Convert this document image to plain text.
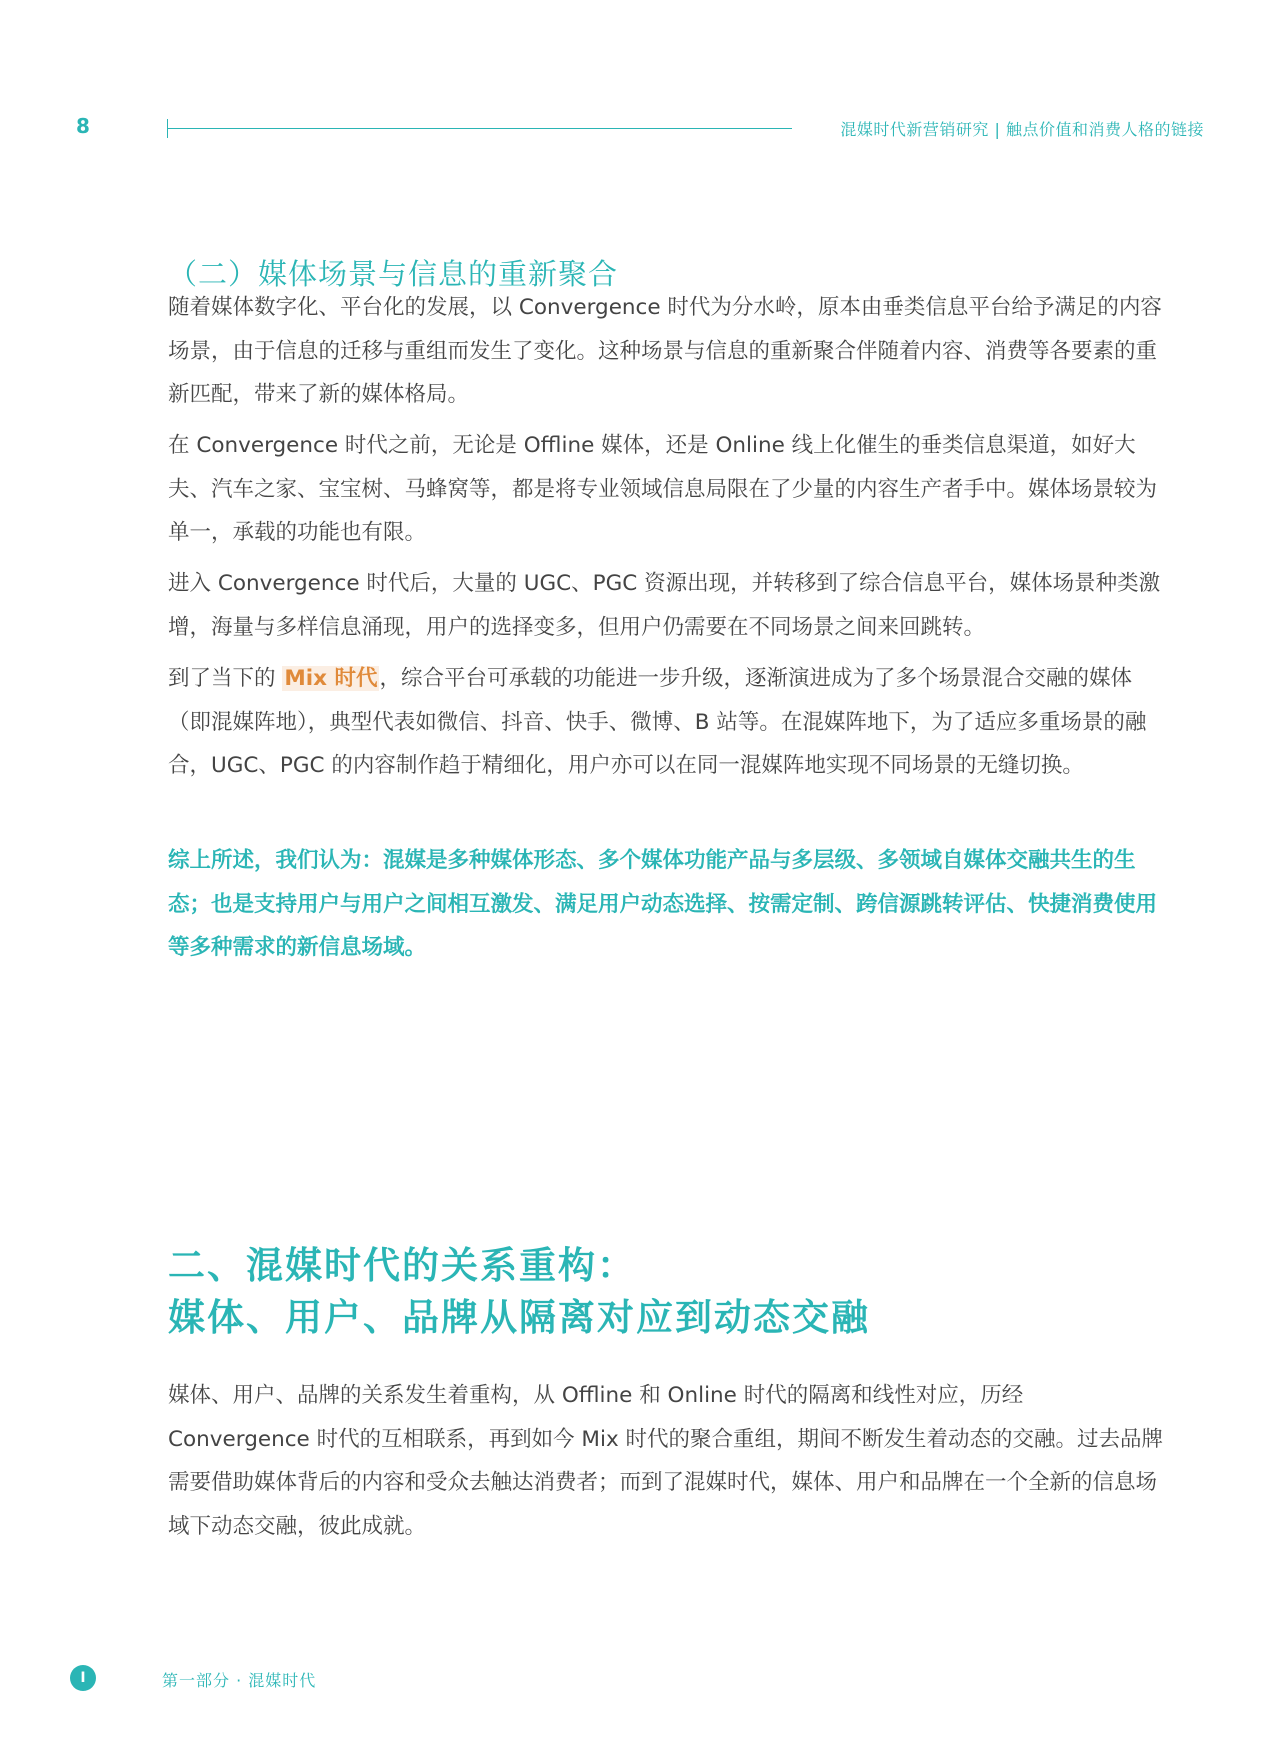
8	混媒时代新营销研究 | 触点价值和消费人格的链接
（二）媒体场景与信息的重新聚合

随着媒体数字化、平台化的发展，以 Convergence 时代为分水岭，原本由垂类信息平台给予满足的内容场景，由于信息的迁移与重组而发生了变化。这种场景与信息的重新聚合伴随着内容、消费等各要素的重新匹配，带来了新的媒体格局。

在 Convergence 时代之前，无论是 Offline 媒体，还是 Online 线上化催生的垂类信息渠道，如好大夫、汽车之家、宝宝树、马蜂窝等，都是将专业领域信息局限在了少量的内容生产者手中。媒体场景较为单一，承载的功能也有限。

进入 Convergence 时代后，大量的 UGC、PGC 资源出现，并转移到了综合信息平台，媒体场景种类激增，海量与多样信息涌现，用户的选择变多，但用户仍需要在不同场景之间来回跳转。

到了当下的 Mix 时代，综合平台可承载的功能进一步升级，逐渐演进成为了多个场景混合交融的媒体（即混媒阵地），典型代表如微信、抖音、快手、微博、B 站等。在混媒阵地下，为了适应多重场景的融合，UGC、PGC 的内容制作趋于精细化，用户亦可以在同一混媒阵地实现不同场景的无缝切换。

综上所述，我们认为：混媒是多种媒体形态、多个媒体功能产品与多层级、多领域自媒体交融共生的生态；也是支持用户与用户之间相互激发、满足用户动态选择、按需定制、跨信源跳转评估、快捷消费使用等多种需求的新信息场域。

二、混媒时代的关系重构：
媒体、用户、品牌从隔离对应到动态交融

媒体、用户、品牌的关系发生着重构，从 Offline 和 Online 时代的隔离和线性对应，历经 Convergence 时代的互相联系，再到如今 Mix 时代的聚合重组，期间不断发生着动态的交融。过去品牌需要借助媒体背后的内容和受众去触达消费者；而到了混媒时代，媒体、用户和品牌在一个全新的信息场域下动态交融，彼此成就。

I	第一部分 · 混媒时代
